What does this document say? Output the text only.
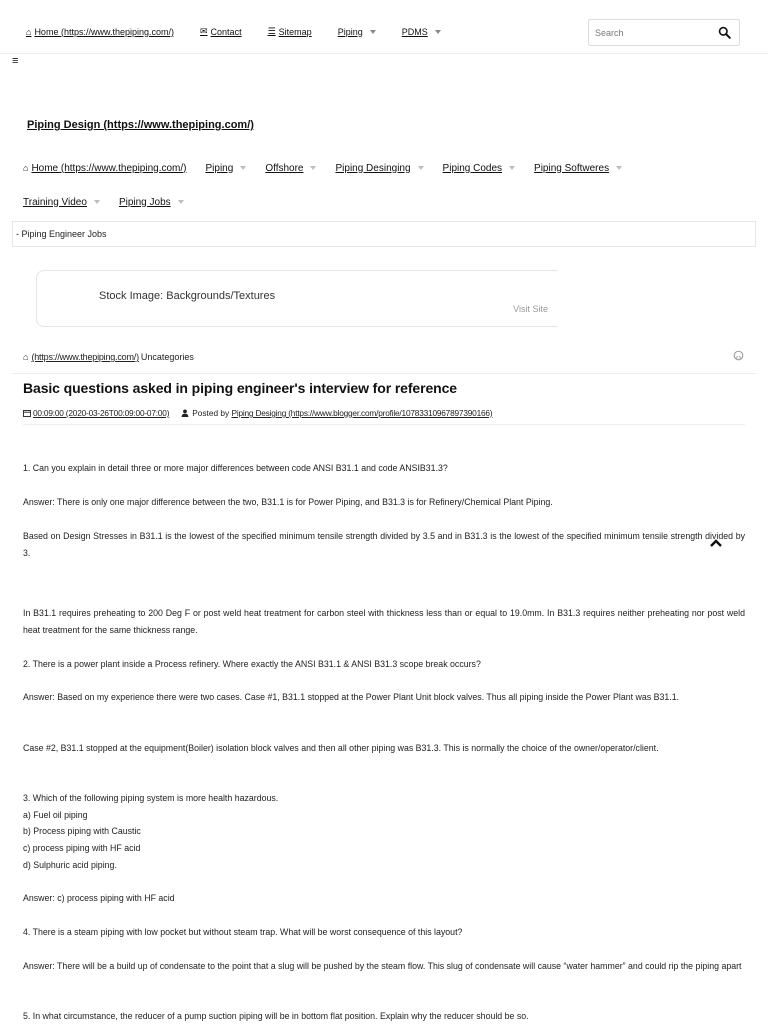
⌂ Home (https://www.thepiping.com/)	✉ Contact	☰ Sitemap	Piping	PDMS
Search
≡
Piping Design (https://www.thepiping.com/)
⌂ Home (https://www.thepiping.com/) Piping	Offshore	Piping Desinging	Piping Codes	Piping Softweres
Training Video	Piping Jobs
- Piping Engineer Jobs
Stock Image: Backgrounds/Textures
Visit Site
⌂ (https://www.thepiping.com/) Uncategories
Basic questions asked in piping engineer's interview for reference
00:09:00 (2020-03-26T00:09:00-07:00)	Posted by
Piping Desiging (https://www.blogger.com/profile/10783310967897390166)

1. Can you explain in detail three or more major differences between code ANSI B31.1 and code ANSIB31.3?

Answer: There is only one major difference between the two, B31.1 is for Power Piping, and B31.3 is for Refinery/Chemical Plant Piping.

Based on Design Stresses in B31.1 is the lowest of the specified minimum tensile strength divided by 3.5 and in B31.3 is the lowest of the specified minimum tensile strength divided by 3.

In B31.1 requires preheating to 200 Deg F or post weld heat treatment for carbon steel with thickness less than or equal to 19.0mm. In B31.3 requires neither preheating nor post weld heat treatment for the same thickness range.

2. There is a power plant inside a Process refinery. Where exactly the ANSI B31.1 & ANSI B31.3 scope break occurs?

Answer: Based on my experience there were two cases. Case #1, B31.1 stopped at the Power Plant Unit block valves. Thus all piping inside the Power Plant was B31.1.

Case #2, B31.1 stopped at the equipment(Boiler) isolation block valves and then all other piping was B31.3. This is normally the choice of the owner/operator/client.

3. Which of the following piping system is more health hazardous.

a) Fuel oil piping

b) Process piping with Caustic

c) process piping with HF acid

d) Sulphuric acid piping.

Answer: c) process piping with HF acid

4. There is a steam piping with low pocket but without steam trap. What will be worst consequence of this layout?

Answer: There will be a build up of condensate to the point that a slug will be pushed by the steam flow. This slug of condensate will cause “water hammer” and could rip the piping apart

5. In what circumstance, the reducer of a pump suction piping will be in bottom flat position. Explain why the reducer should be so.
